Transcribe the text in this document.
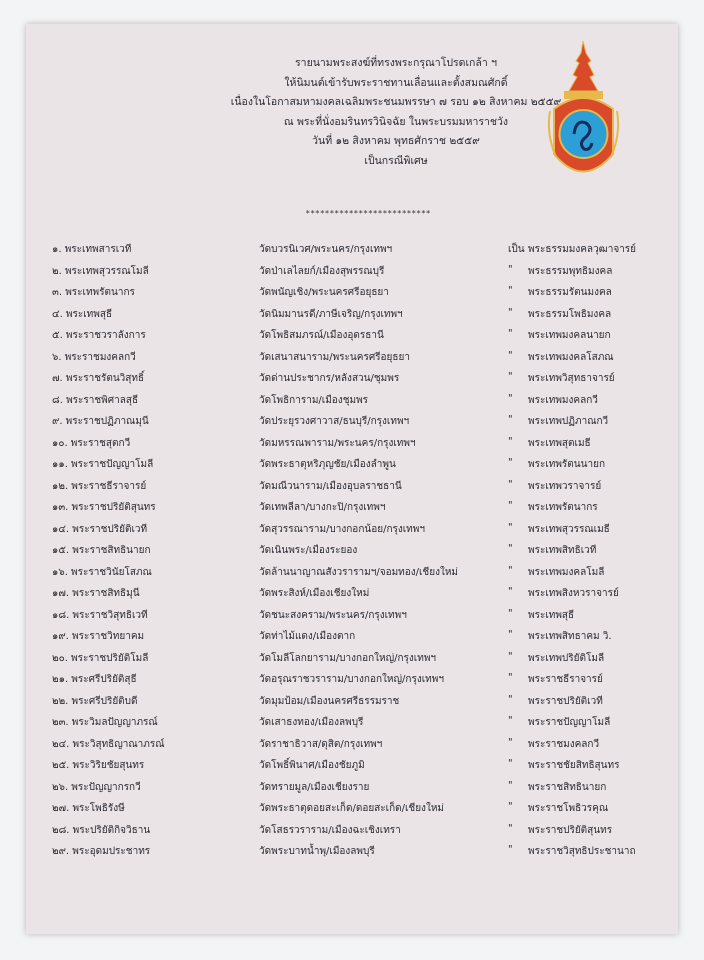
รายนามพระสงฆ์ที่ทรงพระกรุณาโปรดเกล้า ฯ
ให้นิมนต์เข้ารับพระราชทานเลื่อนและตั้งสมณศักดิ์
เนื่องในโอกาสมหามงคลเฉลิมพระชนมพรรษา ๗ รอบ ๑๒ สิงหาคม ๒๕๕๙
ณ พระที่นั่งอมรินทรวินิจฉัย ในพระบรมมหาราชวัง
วันที่ ๑๒ สิงหาคม พุทธศักราช ๒๕๕๙
เป็นกรณีพิเศษ
**************************
๑. พระเทพสารเวที	วัดบวรนิเวศ/พระนคร/กรุงเทพฯ	เป็น พระธรรมมงคลวุฒาจารย์
๒. พระเทพสุวรรณโมลี	วัดป่าเลไลยก์/เมืองสุพรรณบุรี	" พระธรรมพุทธิมงคล
๓. พระเทพรัตนากร	วัดพนัญเชิง/พระนครศรีอยุธยา	" พระธรรมรัตนมงคล
๔. พระเทพสุธี	วัดนิมมานรดี/ภาษีเจริญ/กรุงเทพฯ	" พระธรรมโพธิมงคล
๕. พระราชวราลังการ	วัดโพธิสมภรณ์/เมืองอุดรธานี	" พระเทพมงคลนายก
๖. พระราชมงคลกวี	วัดเสนาสนาราม/พระนครศรีอยุธยา	" พระเทพมงคลโสภณ
๗. พระราชรัตนวิสุทธิ์	วัดด่านประชากร/หลังสวน/ชุมพร	" พระเทพวิสุทธาจารย์
๘. พระราชพิศาลสุธี	วัดโพธิการาม/เมืองชุมพร	" พระเทพมงคลกวี
๙. พระราชปฏิภาณมุนี	วัดประยุรวงศาวาส/ธนบุรี/กรุงเทพฯ	" พระเทพปฏิภาณกวี
๑๐. พระราชสุตกวี	วัดมหรรณพาราม/พระนคร/กรุงเทพฯ	" พระเทพสุตเมธี
๑๑. พระราชปัญญาโมลี	วัดพระธาตุหริภุญชัย/เมืองลำพูน	" พระเทพรัตนนายก
๑๒. พระราชธีราจารย์	วัดมณีวนาราม/เมืองอุบลราชธานี	" พระเทพวราจารย์
๑๓. พระราชปริยัติสุนทร	วัดเทพลีลา/บางกะปิ/กรุงเทพฯ	" พระเทพรัตนากร
๑๔. พระราชปริยัติเวที	วัดสุวรรณาราม/บางกอกน้อย/กรุงเทพฯ	" พระเทพสุวรรณเมธี
๑๕. พระราชสิทธินายก	วัดเนินพระ/เมืองระยอง	" พระเทพสิทธิเวที
๑๖. พระราชวินัยโสภณ	วัดล้านนาญาณสังวรารามฯ/จอมทอง/เชียงใหม่	" พระเทพมงคลโมลี
๑๗. พระราชสิทธิมุนี	วัดพระสิงห์/เมืองเชียงใหม่	" พระเทพสิงหวราจารย์
๑๘. พระราชวิสุทธิเวที	วัดชนะสงคราม/พระนคร/กรุงเทพฯ	" พระเทพสุธี
๑๙. พระราชวิทยาคม	วัดท่าไม้แดง/เมืองตาก	" พระเทพสิทธาคม วิ.
๒๐. พระราชปริยัติโมลี	วัดโมลีโลกยาราม/บางกอกใหญ่/กรุงเทพฯ	" พระเทพปริยัติโมลี
๒๑. พระศรีปริยัติสุธี	วัดอรุณราชวราราม/บางกอกใหญ่/กรุงเทพฯ	" พระราชธีราจารย์
๒๒. พระศรีปริยัติบดี	วัดมุมป้อม/เมืองนครศรีธรรมราช	" พระราชปริยัติเวที
๒๓. พระวิมลปัญญาภรณ์	วัดเสาธงทอง/เมืองลพบุรี	" พระราชปัญญาโมลี
๒๔. พระวิสุทธิญาณาภรณ์	วัดราชาธิวาส/ดุสิต/กรุงเทพฯ	" พระราชมงคลกวี
๒๕. พระวิริยชัยสุนทร	วัดโพธิ์พินาศ/เมืองชัยภูมิ	" พระราชชัยสิทธิสุนทร
๒๖. พระปัญญากรกวี	วัดทรายมูล/เมืองเชียงราย	" พระราชสิทธินายก
๒๗. พระโพธิรังษี	วัดพระธาตุดอยสะเก็ด/ดอยสะเก็ด/เชียงใหม่	" พระราชโพธิวรคุณ
๒๘. พระปริยัติกิจวิธาน	วัดโสธรวราราม/เมืองฉะเชิงเทรา	" พระราชปริยัติสุนทร
๒๙. พระอุดมประชาทร	วัดพระบาทน้ำพุ/เมืองลพบุรี	" พระราชวิสุทธิประชานาถ
